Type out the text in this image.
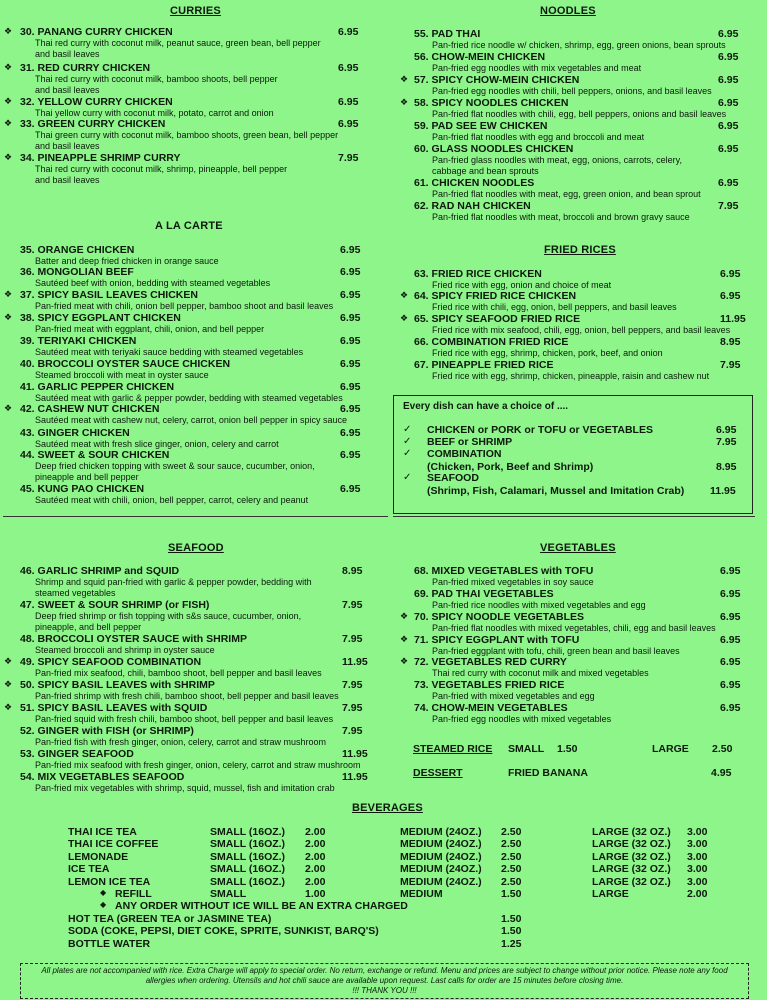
CURRIES
❖ 30. PANANG CURRY CHICKEN
Thai red curry with coconut milk, peanut sauce, green bean, bell pepper
and basil leaves
6.95
❖ 31. RED CURRY CHICKEN
Thai red curry with coconut milk, bamboo shoots, bell pepper
and basil leaves
6.95
❖ 32. YELLOW CURRY CHICKEN
Thai yellow curry with coconut milk, potato, carrot and onion
6.95
❖ 33. GREEN CURRY CHICKEN
Thai green curry with coconut milk, bamboo shoots, green bean, bell pepper
and basil leaves
6.95
❖ 34. PINEAPPLE SHRIMP CURRY
Thai red curry with coconut milk, shrimp, pineapple, bell pepper
and basil leaves
7.95
A LA CARTE
35. ORANGE CHICKEN
Batter and deep fried chicken in orange sauce
6.95
36. MONGOLIAN BEEF
Sautéed beef with onion, bedding with steamed vegetables
6.95
❖ 37. SPICY BASIL LEAVES CHICKEN
Pan-fried meat with chili, onion bell pepper, bamboo shoot and basil leaves
6.95
❖ 38. SPICY EGGPLANT CHICKEN
Pan-fried meat with eggplant, chili, onion, and bell pepper
6.95
39. TERIYAKI CHICKEN
Sautéed meat with teriyaki sauce bedding with steamed vegetables
6.95
40. BROCCOLI OYSTER SAUCE CHICKEN
Steamed broccoli with meat in oyster sauce
6.95
41. GARLIC PEPPER CHICKEN
Sautéed meat with garlic & pepper powder, bedding with steamed vegetables
6.95
❖ 42. CASHEW NUT CHICKEN
Sautéed meat with cashew nut, celery, carrot, onion bell pepper in spicy sauce
6.95
43. GINGER CHICKEN
Sautéed meat with fresh slice ginger, onion, celery and carrot
6.95
44. SWEET & SOUR CHICKEN
Deep fried chicken topping with sweet & sour sauce, cucumber, onion,
pineapple and bell pepper
6.95
45. KUNG PAO CHICKEN
Sautéed meat with chili, onion, bell pepper, carrot, celery and peanut
6.95
NOODLES
55. PAD THAI
Pan-fried rice noodle w/ chicken, shrimp, egg, green onions, bean sprouts
6.95
56. CHOW-MEIN CHICKEN
Pan-fried egg noodles with mix vegetables and meat
6.95
❖ 57. SPICY CHOW-MEIN CHICKEN
Pan-fried egg noodles with chili, bell peppers, onions, and basil leaves
6.95
❖ 58. SPICY NOODLES CHICKEN
Pan-fried flat noodles with chili, egg, bell peppers, onions and basil leaves
6.95
59. PAD SEE EW CHICKEN
Pan-fried flat noodles with egg and broccoli and meat
6.95
60. GLASS NOODLES CHICKEN
Pan-fried glass noodles with meat, egg, onions, carrots, celery,
cabbage and bean sprouts
6.95
61. CHICKEN NOODLES
Pan-fried flat noodles with meat, egg, green onion, and bean sprout
6.95
62. RAD NAH CHICKEN
Pan-fried flat noodles with meat, broccoli and brown gravy sauce
7.95
FRIED RICES
63. FRIED RICE CHICKEN
Fried rice with egg, onion and choice of meat
6.95
❖ 64. SPICY FRIED RICE CHICKEN
Fried rice with chili, egg, onion, bell peppers, and basil leaves
6.95
❖ 65. SPICY SEAFOOD FRIED RICE
Fried rice with mix seafood, chili, egg, onion, bell peppers, and basil leaves
11.95
66. COMBINATION FRIED RICE
Fried rice with egg, shrimp, chicken, pork, beef, and onion
8.95
67. PINEAPPLE FRIED RICE
Fried rice with egg, shrimp, chicken, pineapple, raisin and cashew nut
7.95
Every dish can have a choice of ....
✓ CHICKEN or PORK or TOFU or VEGETABLES	6.95
✓ BEEF or SHRIMP	7.95
✓ COMBINATION
(Chicken, Pork, Beef and Shrimp)	8.95
✓ SEAFOOD
(Shrimp, Fish, Calamari, Mussel and Imitation Crab) 11.95
SEAFOOD
46. GARLIC SHRIMP and SQUID
Shrimp and squid pan-fried with garlic & pepper powder, bedding with
steamed vegetables
8.95
47. SWEET & SOUR SHRIMP (or FISH)
Deep fried shrimp or fish topping with s&s sauce, cucumber, onion,
pineapple, and bell pepper
7.95
48. BROCCOLI OYSTER SAUCE with SHRIMP
Steamed broccoli and shrimp in oyster sauce
7.95
❖ 49. SPICY SEAFOOD COMBINATION
Pan-fried mix seafood, chili, bamboo shoot, bell pepper and basil leaves
11.95
❖ 50. SPICY BASIL LEAVES with SHRIMP
Pan-fried shrimp with fresh chili, bamboo shoot, bell pepper and basil leaves
7.95
❖ 51. SPICY BASIL LEAVES with SQUID
Pan-fried squid with fresh chili, bamboo shoot, bell pepper and basil leaves
7.95
52. GINGER with FISH (or SHRIMP)
Pan-fried fish with fresh ginger, onion, celery, carrot and straw mushroom
7.95
53. GINGER SEAFOOD
Pan-fried mix seafood with fresh ginger, onion, celery, carrot and straw mushroom
11.95
54. MIX VEGETABLES SEAFOOD
Pan-fried mix vegetables with shrimp, squid, mussel, fish and imitation crab
11.95
VEGETABLES
68. MIXED VEGETABLES with TOFU
Pan-fried mixed vegetables in soy sauce
6.95
69. PAD THAI VEGETABLES
Pan-fried rice noodles with mixed vegetables and egg
6.95
❖ 70. SPICY NOODLE VEGETABLES
Pan-fried flat noodles with mixed vegetables, chili, egg and basil leaves
6.95
❖ 71. SPICY EGGPLANT with TOFU
Pan-fried eggplant with tofu, chili, green bean and basil leaves
6.95
❖ 72. VEGETABLES RED CURRY
Thai red curry with coconut milk and mixed vegetables
6.95
73. VEGETABLES FRIED RICE
Pan-fried with mixed vegetables and egg
6.95
74. CHOW-MEIN VEGETABLES
Pan-fried egg noodles with mixed vegetables
6.95
STEAMED RICE SMALL 1.50	LARGE 2.50
DESSERT	FRIED BANANA	4.95
BEVERAGES
THAI ICE TEA	SMALL (16OZ.) 2.00	MEDIUM (24OZ.) 2.50	LARGE (32 OZ.) 3.00
THAI ICE COFFEE	SMALL (16OZ.) 2.00	MEDIUM (24OZ.) 2.50	LARGE (32 OZ.) 3.00
LEMONADE	SMALL (16OZ.) 2.00	MEDIUM (24OZ.) 2.50	LARGE (32 OZ.) 3.00
ICE TEA	SMALL (16OZ.) 2.00	MEDIUM (24OZ.) 2.50	LARGE (32 OZ.) 3.00
LEMON ICE TEA	SMALL (16OZ.) 2.00	MEDIUM (24OZ.) 2.50	LARGE (32 OZ.) 3.00
◆ REFILL	SMALL	1.00	MEDIUM	1.50	LARGE	2.00
◆ ANY ORDER WITHOUT ICE WILL BE AN EXTRA CHARGED
HOT TEA (GREEN TEA or JASMINE TEA)	1.50
SODA (COKE, PEPSI, DIET COKE, SPRITE, SUNKIST, BARQ'S)	1.50
BOTTLE WATER	1.25
All plates are not accompanied with rice. Extra Charge will apply to special order. No return, exchange or refund. Menu and prices are subject to change without prior notice. Please note any food
allergies when ordering. Utensils and hot chili sauce are available upon request. Last calls for order are 15 minutes before closing time.
!!! THANK YOU !!!
